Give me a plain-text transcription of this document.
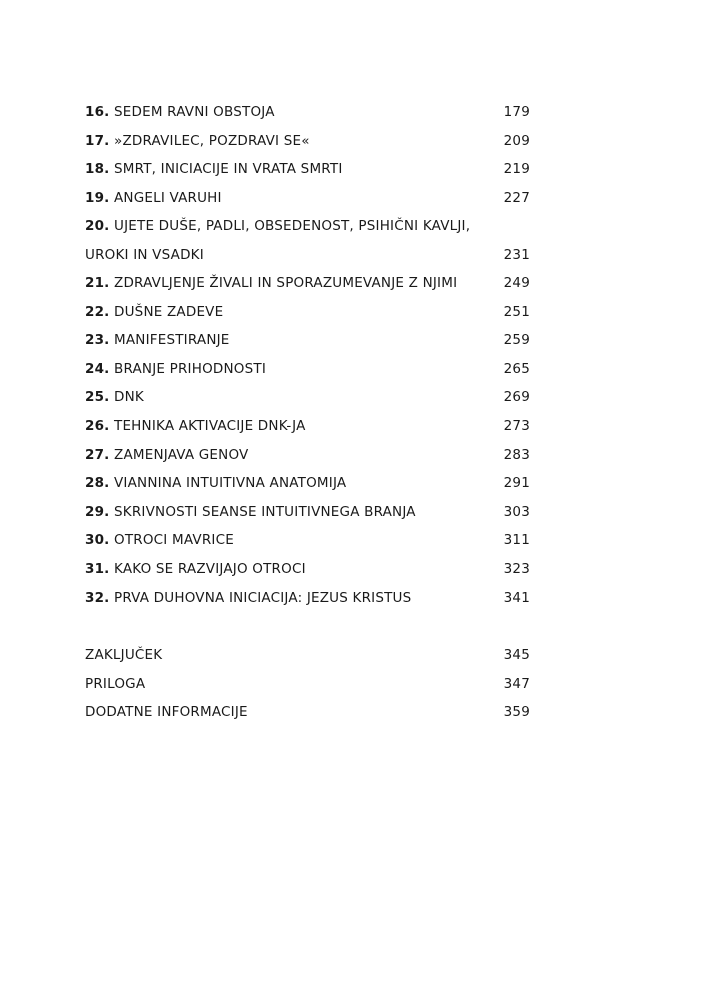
16. SEDEM RAVNI OBSTOJA	179
17. »ZDRAVILEC, POZDRAVI SE«	209
18. SMRT, INICIACIJE IN VRATA SMRTI	219
19. ANGELI VARUHI	227
20. UJETE DUŠE, PADLI, OBSEDENOST, PSIHIČNI KAVLJI,
UROKI IN VSADKI	231
21. ZDRAVLJENJE ŽIVALI IN SPORAZUMEVANJE Z NJIMI	249
22. DUŠNE ZADEVE	251
23. MANIFESTIRANJE	259
24. BRANJE PRIHODNOSTI	265
25. DNK	269
26. TEHNIKA AKTIVACIJE DNK-JA	273
27. ZAMENJAVA GENOV	283
28. VIANNINA INTUITIVNA ANATOMIJA	291
29. SKRIVNOSTI SEANSE INTUITIVNEGA BRANJA	303
30. OTROCI MAVRICE	311
31. KAKO SE RAZVIJAJO OTROCI	323
32. PRVA DUHOVNA INICIACIJA: JEZUS KRISTUS	341
ZAKLJUČEK	345
PRILOGA	347
DODATNE INFORMACIJE	359
